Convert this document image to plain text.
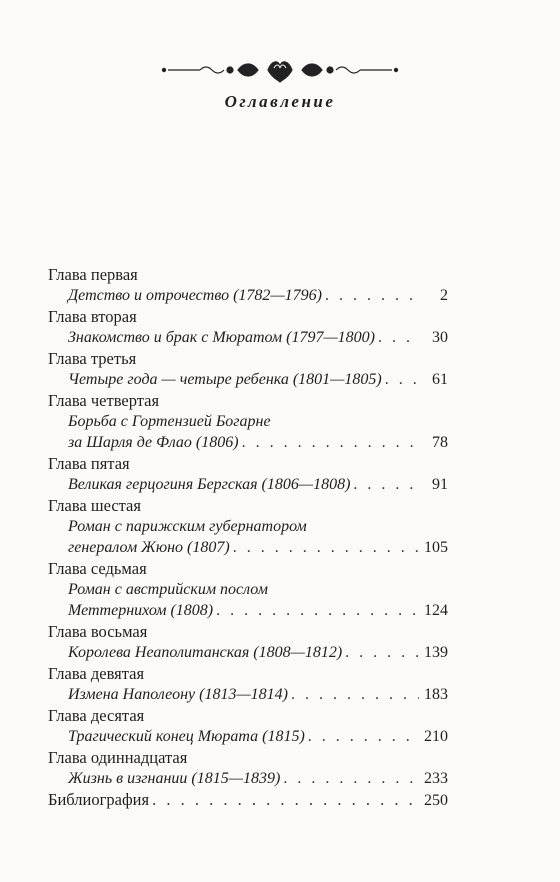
Оглавление
Глава первая
Детство и отрочество (1782—1796) . . .	2
Глава вторая
Знакомство и брак с Мюратом (1797—1800) . . .	30
Глава третья
Четыре года — четыре ребенка (1801—1805) . . .	61
Глава четвертая
Борьба с Гортензией Богарне
за Шарля де Флао (1806) . . .	78
Глава пятая
Великая герцогиня Бергская (1806—1808) . . .	91
Глава шестая
Роман с парижским губернатором
генералом Жюно (1807) . . .	105
Глава седьмая
Роман с австрийским послом
Меттернихом (1808) . . .	124
Глава восьмая
Королева Неаполитанская (1808—1812) . . .	139
Глава девятая
Измена Наполеону (1813—1814) . . .	183
Глава десятая
Трагический конец Мюрата (1815) . . .	210
Глава одиннадцатая
Жизнь в изгнании (1815—1839) . . .	233
Библиография . . .	250
